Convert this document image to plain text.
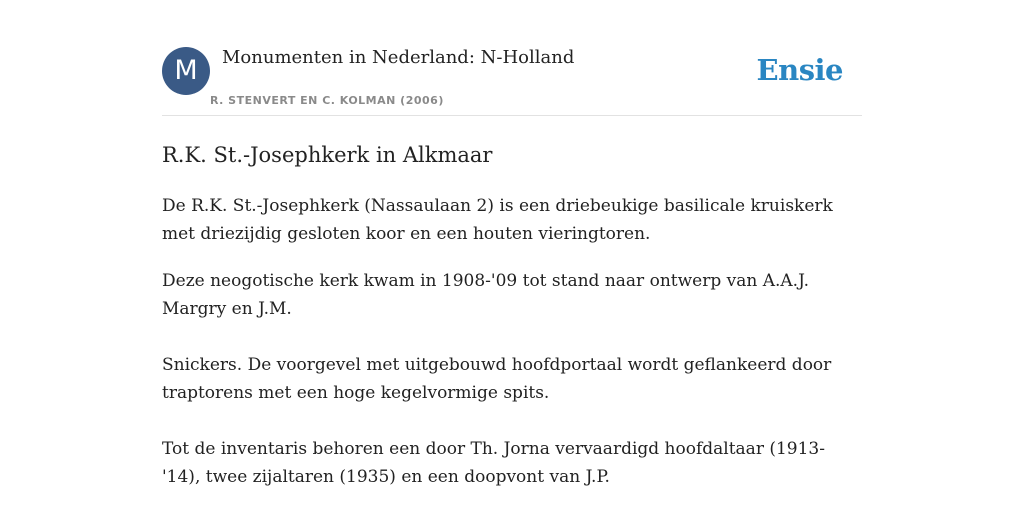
M	Monumenten in Nederland: N-Holland
R. STENVERT EN C. KOLMAN (2006)
Ensie
R.K. St.-Josephkerk in Alkmaar

De R.K. St.-Josephkerk (Nassaulaan 2) is een driebeukige basilicale kruiskerk met driezijdig gesloten koor en een houten vieringtoren.

Deze neogotische kerk kwam in 1908-'09 tot stand naar ontwerp van A.A.J. Margry en J.M.

Snickers. De voorgevel met uitgebouwd hoofdportaal wordt geflankeerd door traptorens met een hoge kegelvormige spits.

Tot de inventaris behoren een door Th. Jorna vervaardigd hoofdaltaar (1913-'14), twee zijaltaren (1935) en een doopvont van J.P.
